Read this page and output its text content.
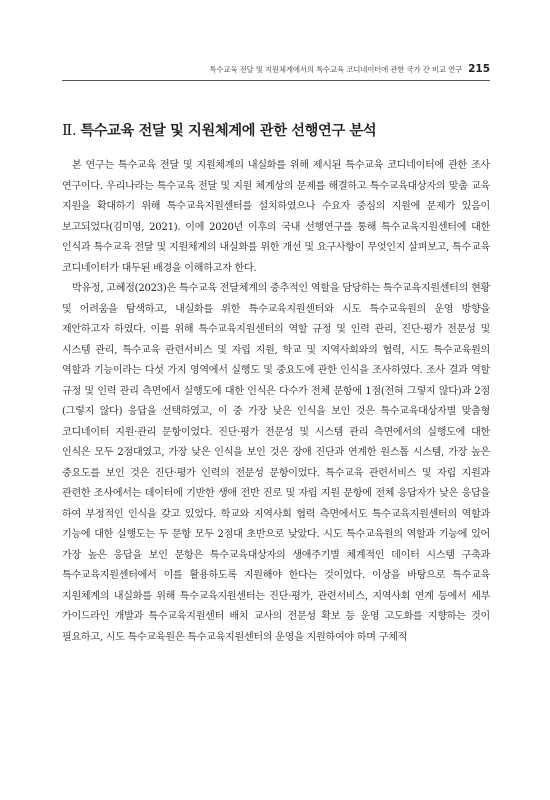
특수교육 전달 및 지원체계에서의 특수교육 코디네이터에 관한 국가 간 비교 연구 215
Ⅱ. 특수교육 전달 및 지원체계에 관한 선행연구 분석

본 연구는 특수교육 전달 및 지원체계의 내실화를 위해 제시된 특수교육 코디네이터에 관한 조사 연구이다. 우리나라는 특수교육 전달 및 지원 체계상의 문제를 해결하고 특수교육대상자의 맞춤 교육 지원을 확대하기 위해 특수교육지원센터를 설치하였으나 수요자 중심의 지원에 문제가 있음이 보고되었다(김미영, 2021). 이에 2020년 이후의 국내 선행연구를 통해 특수교육지원센터에 대한 인식과 특수교육 전달 및 지원체계의 내실화를 위한 개선 및 요구사항이 무엇인지 살펴보고, 특수교육 코디네이터가 대두된 배경을 이해하고자 한다.

박유정, 고혜정(2023)은 특수교육 전달체계의 중추적인 역할을 담당하는 특수교육지원센터의 현황 및 어려움을 탐색하고, 내실화를 위한 특수교육지원센터와 시도 특수교육원의 운영 방향을 제안하고자 하였다. 이를 위해 특수교육지원센터의 역할 규정 및 인력 관리, 진단·평가 전문성 및 시스템 관리, 특수교육 관련서비스 및 자립 지원, 학교 및 지역사회와의 협력, 시도 특수교육원의 역할과 기능이라는 다섯 가지 영역에서 실행도 및 중요도에 관한 인식을 조사하였다. 조사 결과 역할 규정 및 인력 관리 측면에서 실행도에 대한 인식은 다수가 전체 문항에 1점(전혀 그렇지 않다)과 2점(그렇지 않다) 응답을 선택하였고, 이 중 가장 낮은 인식을 보인 것은 특수교육대상자별 맞춤형 코디네이터 지원·관리 문항이었다. 진단·평가 전문성 및 시스템 관리 측면에서의 실행도에 대한 인식은 모두 2점대였고, 가장 낮은 인식을 보인 것은 장애 진단과 연계한 원스톱 시스템, 가장 높은 중요도를 보인 것은 진단·평가 인력의 전문성 문항이었다. 특수교육 관련서비스 및 자립 지원과 관련한 조사에서는 데이터에 기반한 생애 전반 진로 및 자립 지원 문항에 전체 응답자가 낮은 응답을 하여 부정적인 인식을 갖고 있었다. 학교와 지역사회 협력 측면에서도 특수교육지원센터의 역할과 기능에 대한 실행도는 두 문항 모두 2점대 초반으로 낮았다. 시도 특수교육원의 역할과 기능에 있어 가장 높은 응답을 보인 문항은 특수교육대상자의 생애주기별 체계적인 데이터 시스템 구축과 특수교육지원센터에서 이를 활용하도록 지원해야 한다는 것이었다. 이상을 바탕으로 특수교육 지원체계의 내실화를 위해 특수교육지원센터는 진단·평가, 관련서비스, 지역사회 연계 등에서 세부 가이드라인 개발과 특수교육지원센터 배치 교사의 전문성 확보 등 운영 고도화를 지향하는 것이 필요하고, 시도 특수교육원은 특수교육지원센터의 운영을 지원하여야 하며 구체적
